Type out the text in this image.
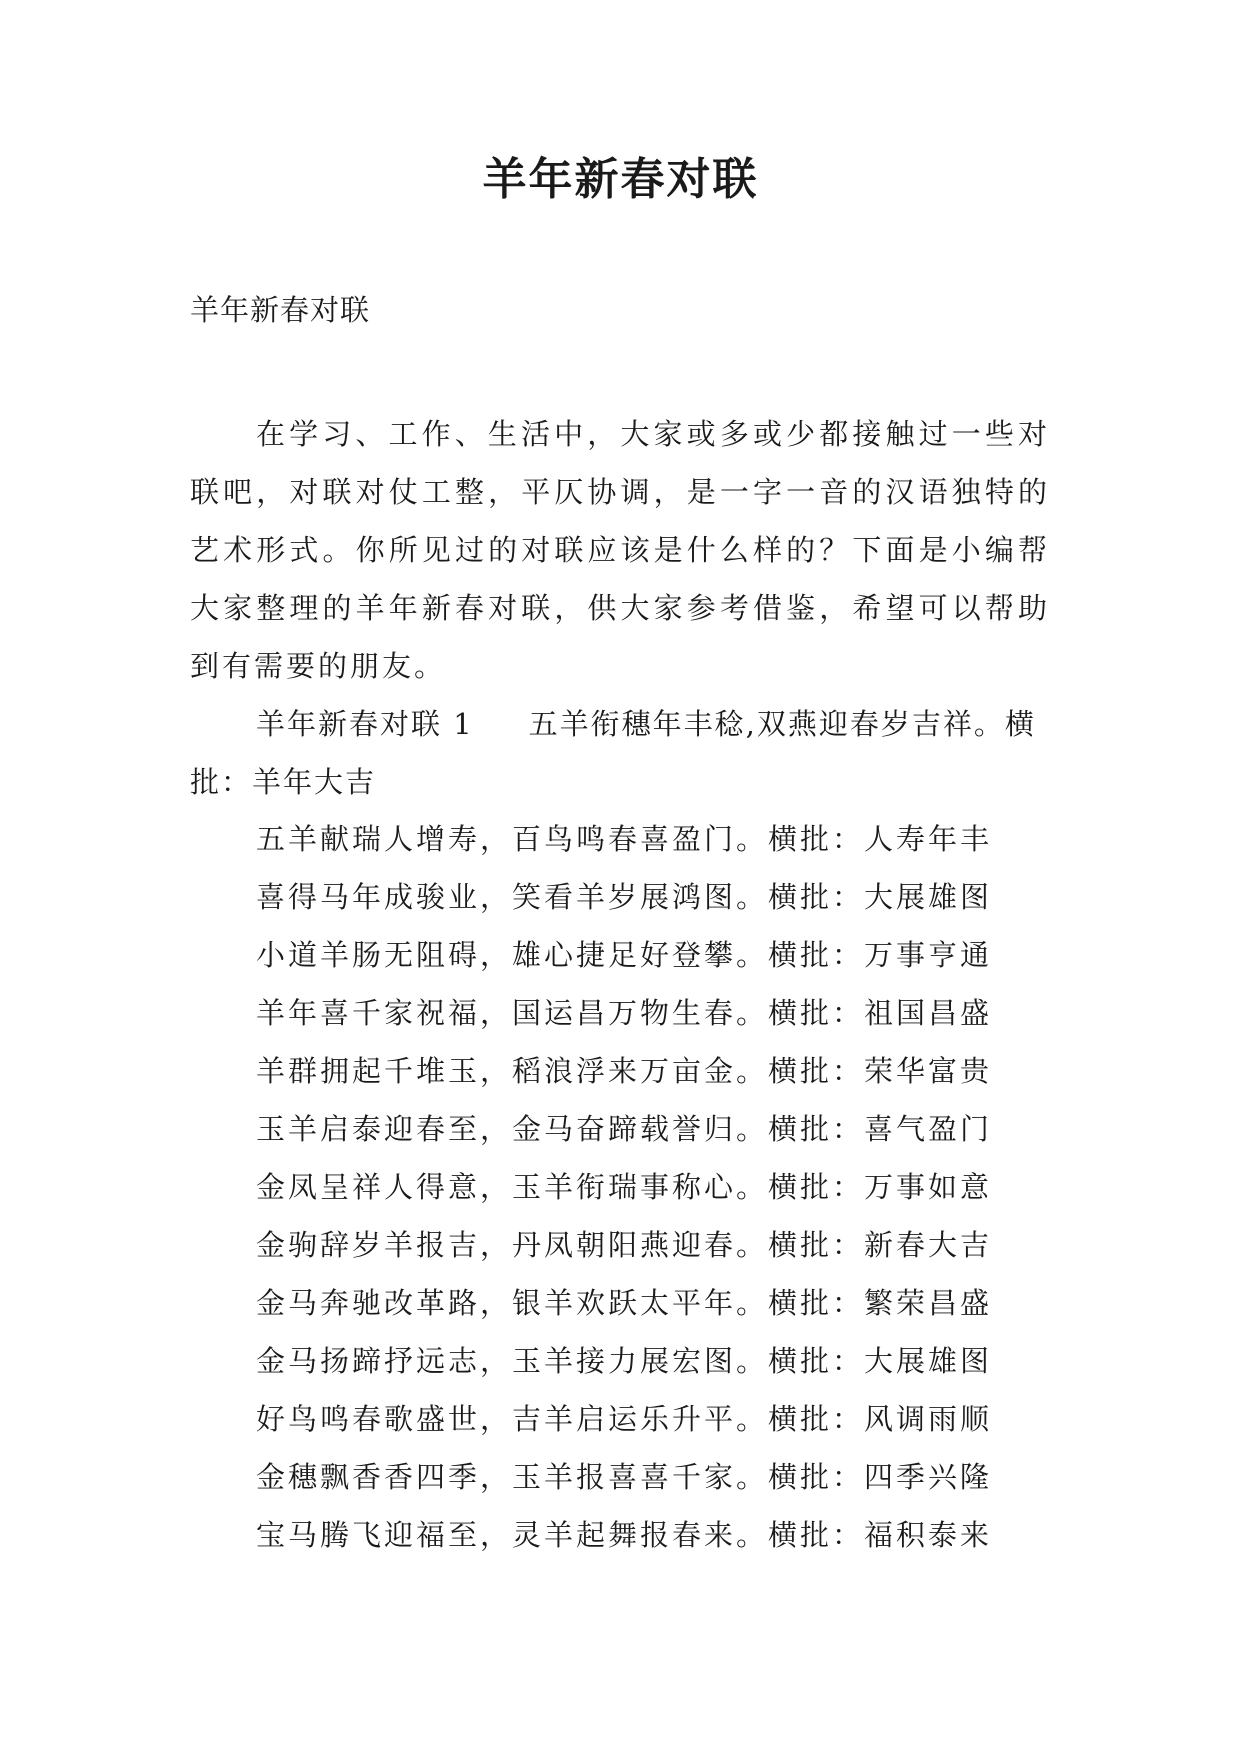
羊年新春对联

羊年新春对联

在学习、工作、生活中，大家或多或少都接触过一些对联吧，对联对仗工整，平仄协调，是一字一音的汉语独特的艺术形式。你所见过的对联应该是什么样的？下面是小编帮大家整理的羊年新春对联，供大家参考借鉴，希望可以帮助到有需要的朋友。

羊年新春对联 1 五羊衔穗年丰稔,双燕迎春岁吉祥。横批：羊年大吉

五羊献瑞人增寿，百鸟鸣春喜盈门。横批：人寿年丰
喜得马年成骏业，笑看羊岁展鸿图。横批：大展雄图
小道羊肠无阻碍，雄心捷足好登攀。横批：万事亨通
羊年喜千家祝福，国运昌万物生春。横批：祖国昌盛
羊群拥起千堆玉，稻浪浮来万亩金。横批：荣华富贵
玉羊启泰迎春至，金马奋蹄载誉归。横批：喜气盈门
金凤呈祥人得意，玉羊衔瑞事称心。横批：万事如意
金驹辞岁羊报吉，丹凤朝阳燕迎春。横批：新春大吉
金马奔驰改革路，银羊欢跃太平年。横批：繁荣昌盛
金马扬蹄抒远志，玉羊接力展宏图。横批：大展雄图
好鸟鸣春歌盛世，吉羊启运乐升平。横批：风调雨顺
金穗飘香香四季，玉羊报喜喜千家。横批：四季兴隆
宝马腾飞迎福至，灵羊起舞报春来。横批：福积泰来
